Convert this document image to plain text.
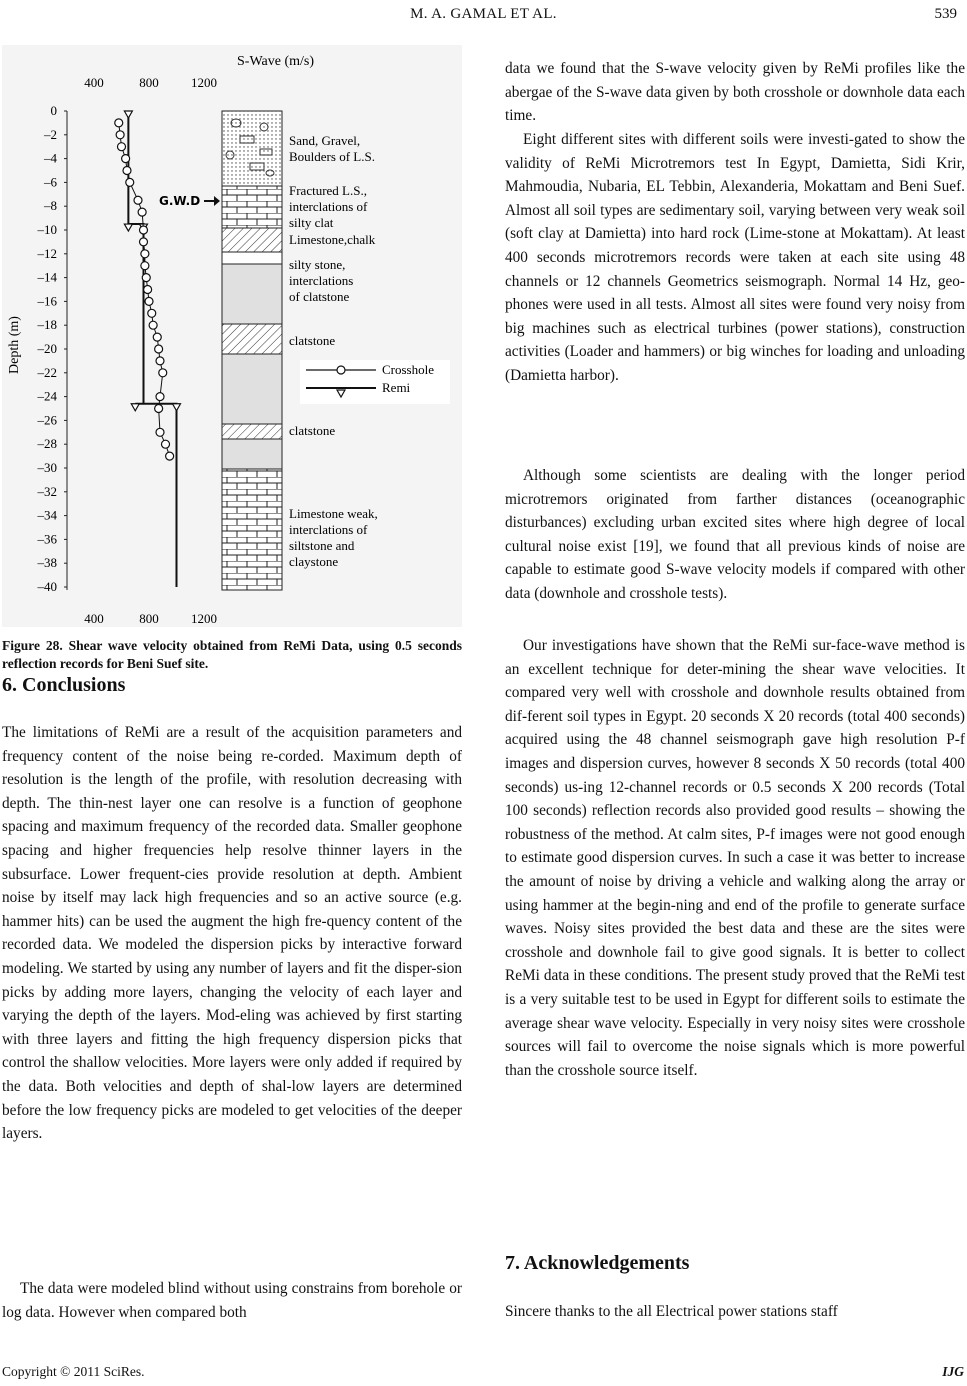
M. A. GAMAL ET AL.	539
S-Wave (m/s)
400	800 1200
400	800 1200
0
–2
–4
–6
–8
–10
–12
–14
–16
–18
–20
–22
–24
–26
–28
–30
–32
–34
–36
–38
–40
Depth (m)
G.W.D
Sand, Gravel,
Boulders of L.S.
Fractured L.S.,
interclations of
silty clat
Limestone,chalk
silty stone,
interclations
of clatstone
clatstone
clatstone
Limestone weak,
interclations of
siltstone and
claystone
Crosshole
Remi
Figure 28. Shear wave velocity obtained from ReMi Data, using 0.5 seconds reflection records for Beni Suef site.
6. Conclusions

The limitations of ReMi are a result of the acquisition parameters and frequency content of the noise being re-corded. Maximum depth of resolution is the length of the profile, with resolution decreasing with depth. The thin-nest layer one can resolve is a function of geophone spacing and maximum frequency of the recorded data. Smaller geophone spacing and higher frequencies help resolve thinner layers in the subsurface. Lower frequent-cies provide resolution at depth. Ambient noise by itself may lack high frequencies and so an active source (e.g. hammer hits) can be used the augment the high fre-quency content of the recorded data. We modeled the dispersion picks by interactive forward modeling. We started by using any number of layers and fit the disper-sion picks by adding more layers, changing the velocity of each layer and varying the depth of the layers. Mod-eling was achieved by first starting with three layers and fitting the high frequency dispersion picks that control the shallow velocities. More layers were only added if required by the data. Both velocities and depth of shal-low layers are determined before the low frequency picks are modeled to get velocities of the deeper layers.

The data were modeled blind without using constrains from borehole or log data. However when compared both

data we found that the S-wave velocity given by ReMi profiles like the abergae of the S-wave data given by both crosshole or downhole data each time.

Eight different sites with different soils were investi-gated to show the validity of ReMi Microtremors test In Egypt, Damietta, Sidi Krir, Mahmoudia, Nubaria, EL Tebbin, Alexanderia, Mokattam and Beni Suef. Almost all soil types are sedimentary soil, varying between very weak soil (soft clay at Damietta) into hard rock (Lime-stone at Mokattam). At least 400 seconds microtremors records were taken at each site using 48 channels or 12 channels Geometrics seismograph. Normal 14 Hz, geo-phones were used in all tests. Almost all sites were found very noisy from big machines such as electrical turbines (power stations), construction activities (Loader and hammers) or big winches for loading and unloading (Damietta harbor).

Although some scientists are dealing with the longer period microtremors originated from farther distances (oceanographic disturbances) excluding urban excited sites where high degree of local cultural noise exist [19], we found that all previous kinds of noise are capable to estimate good S-wave velocity models if compared with other data (downhole and crosshole tests).

Our investigations have shown that the ReMi sur-face-wave method is an excellent technique for deter-mining the shear wave velocities. It compared very well with crosshole and downhole results obtained from dif-ferent soil types in Egypt. 20 seconds X 20 records (total 400 seconds) acquired using the 48 channel seismograph gave high resolution P-f images and dispersion curves, however 8 seconds X 50 records (total 400 seconds) us-ing 12-channel records or 0.5 seconds X 200 records (Total 100 seconds) reflection records also provided good results – showing the robustness of the method. At calm sites, P-f images were not good enough to estimate good dispersion curves. In such a case it was better to increase the amount of noise by driving a vehicle and walking along the array or using hammer at the begin-ning and end of the profile to generate surface waves. Noisy sites provided the best data and these are the sites were crosshole and downhole fail to give good signals. It is better to collect ReMi data in these conditions. The present study proved that the ReMi test is a very suitable test to be used in Egypt for different soils to estimate the average shear wave velocity. Especially in very noisy sites were crosshole sources will fail to overcome the noise signals which is more powerful than the crosshole source itself.

7. Acknowledgements

Sincere thanks to the all Electrical power stations staff

Copyright © 2011 SciRes.	IJG
